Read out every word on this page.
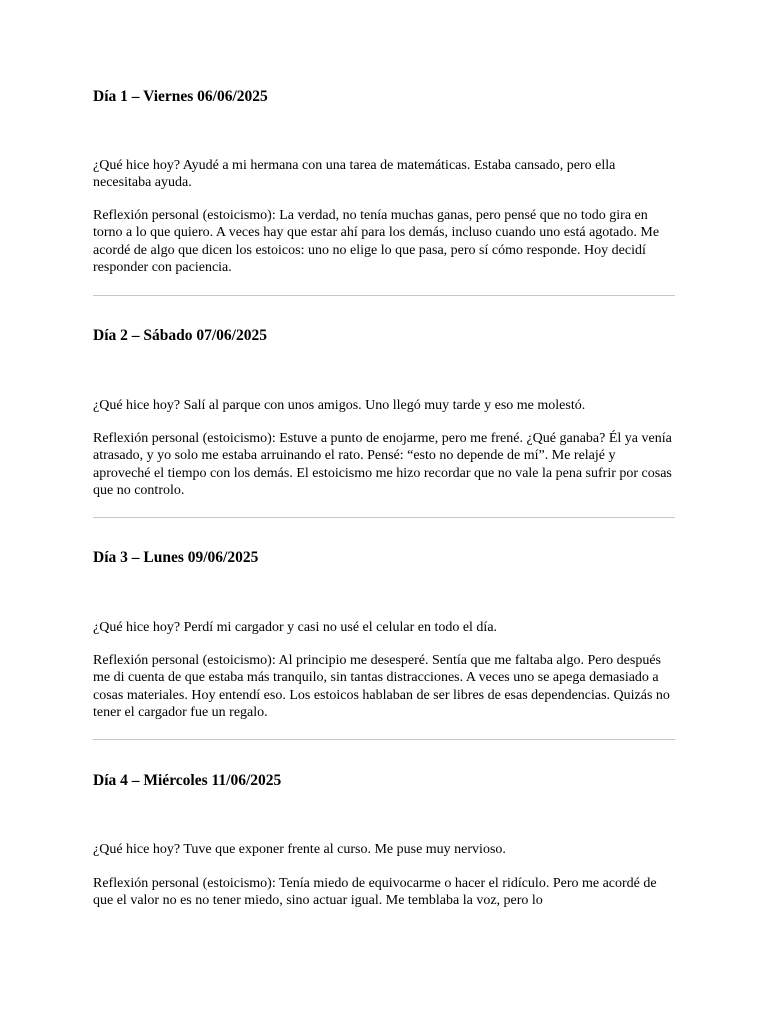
Día 1 – Viernes 06/06/2025

¿Qué hice hoy? Ayudé a mi hermana con una tarea de matemáticas. Estaba cansado, pero ella necesitaba ayuda.

Reflexión personal (estoicismo): La verdad, no tenía muchas ganas, pero pensé que no todo gira en torno a lo que quiero. A veces hay que estar ahí para los demás, incluso cuando uno está agotado. Me acordé de algo que dicen los estoicos: uno no elige lo que pasa, pero sí cómo responde. Hoy decidí responder con paciencia.

Día 2 – Sábado 07/06/2025

¿Qué hice hoy? Salí al parque con unos amigos. Uno llegó muy tarde y eso me molestó.

Reflexión personal (estoicismo): Estuve a punto de enojarme, pero me frené. ¿Qué ganaba? Él ya venía atrasado, y yo solo me estaba arruinando el rato. Pensé: “esto no depende de mí”. Me relajé y aproveché el tiempo con los demás. El estoicismo me hizo recordar que no vale la pena sufrir por cosas que no controlo.

Día 3 – Lunes 09/06/2025

¿Qué hice hoy? Perdí mi cargador y casi no usé el celular en todo el día.

Reflexión personal (estoicismo): Al principio me desesperé. Sentía que me faltaba algo. Pero después me di cuenta de que estaba más tranquilo, sin tantas distracciones. A veces uno se apega demasiado a cosas materiales. Hoy entendí eso. Los estoicos hablaban de ser libres de esas dependencias. Quizás no tener el cargador fue un regalo.

Día 4 – Miércoles 11/06/2025

¿Qué hice hoy? Tuve que exponer frente al curso. Me puse muy nervioso.

Reflexión personal (estoicismo): Tenía miedo de equivocarme o hacer el ridículo. Pero me acordé de que el valor no es no tener miedo, sino actuar igual. Me temblaba la voz, pero lo
